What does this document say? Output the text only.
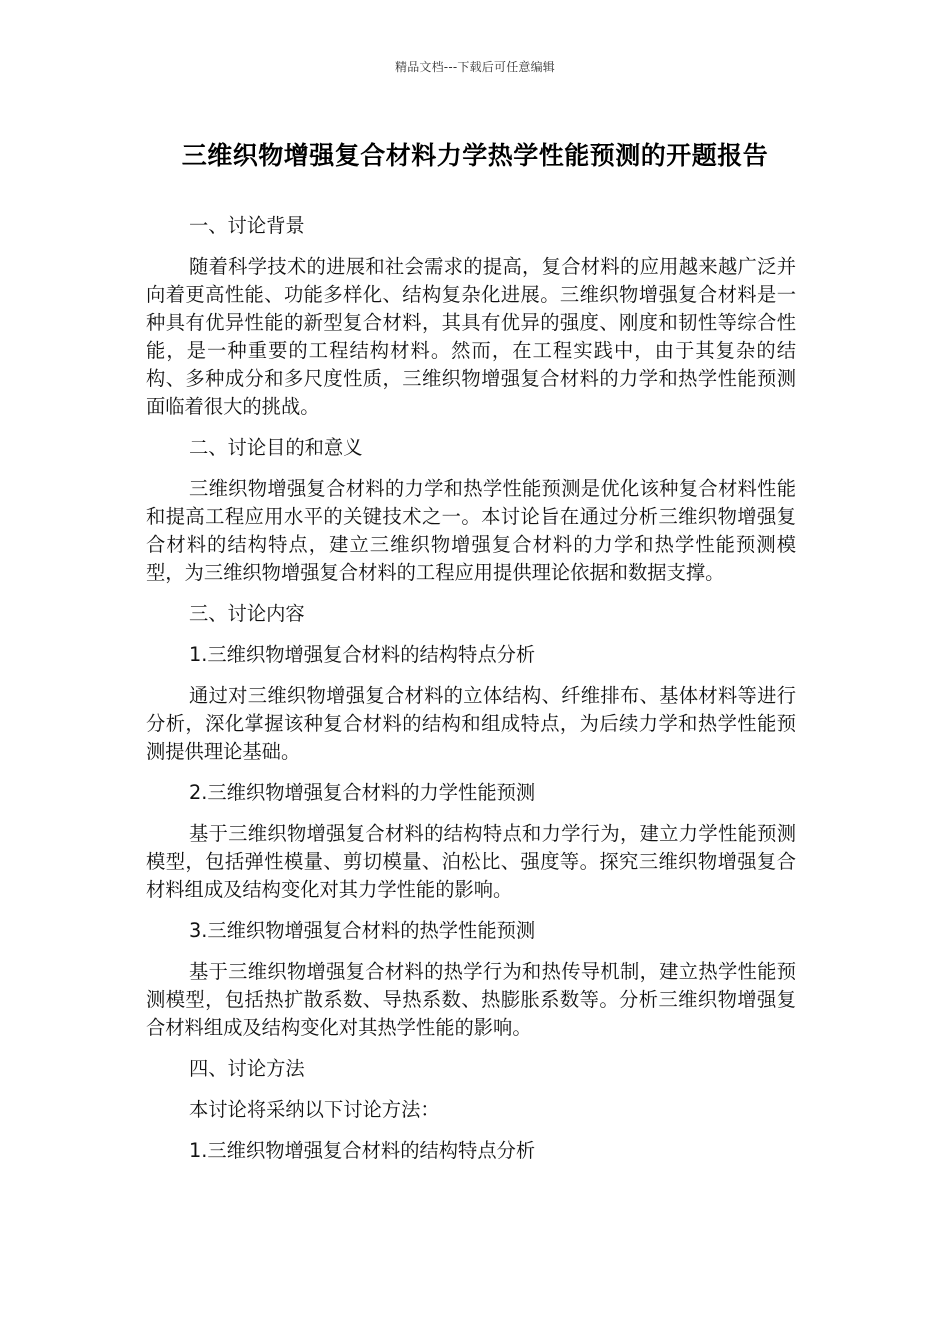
精品文档---下载后可任意编辑
三维织物增强复合材料力学热学性能预测的开题报告

一、讨论背景

随着科学技术的进展和社会需求的提高，复合材料的应用越来越广泛并向着更高性能、功能多样化、结构复杂化进展。三维织物增强复合材料是一种具有优异性能的新型复合材料，其具有优异的强度、刚度和韧性等综合性能，是一种重要的工程结构材料。然而，在工程实践中，由于其复杂的结构、多种成分和多尺度性质，三维织物增强复合材料的力学和热学性能预测面临着很大的挑战。

二、讨论目的和意义

三维织物增强复合材料的力学和热学性能预测是优化该种复合材料性能和提高工程应用水平的关键技术之一。本讨论旨在通过分析三维织物增强复合材料的结构特点，建立三维织物增强复合材料的力学和热学性能预测模型，为三维织物增强复合材料的工程应用提供理论依据和数据支撑。

三、讨论内容

1.三维织物增强复合材料的结构特点分析

通过对三维织物增强复合材料的立体结构、纤维排布、基体材料等进行分析，深化掌握该种复合材料的结构和组成特点，为后续力学和热学性能预测提供理论基础。

2.三维织物增强复合材料的力学性能预测

基于三维织物增强复合材料的结构特点和力学行为，建立力学性能预测模型，包括弹性模量、剪切模量、泊松比、强度等。探究三维织物增强复合材料组成及结构变化对其力学性能的影响。

3.三维织物增强复合材料的热学性能预测

基于三维织物增强复合材料的热学行为和热传导机制，建立热学性能预测模型，包括热扩散系数、导热系数、热膨胀系数等。分析三维织物增强复合材料组成及结构变化对其热学性能的影响。

四、讨论方法

本讨论将采纳以下讨论方法：

1.三维织物增强复合材料的结构特点分析
